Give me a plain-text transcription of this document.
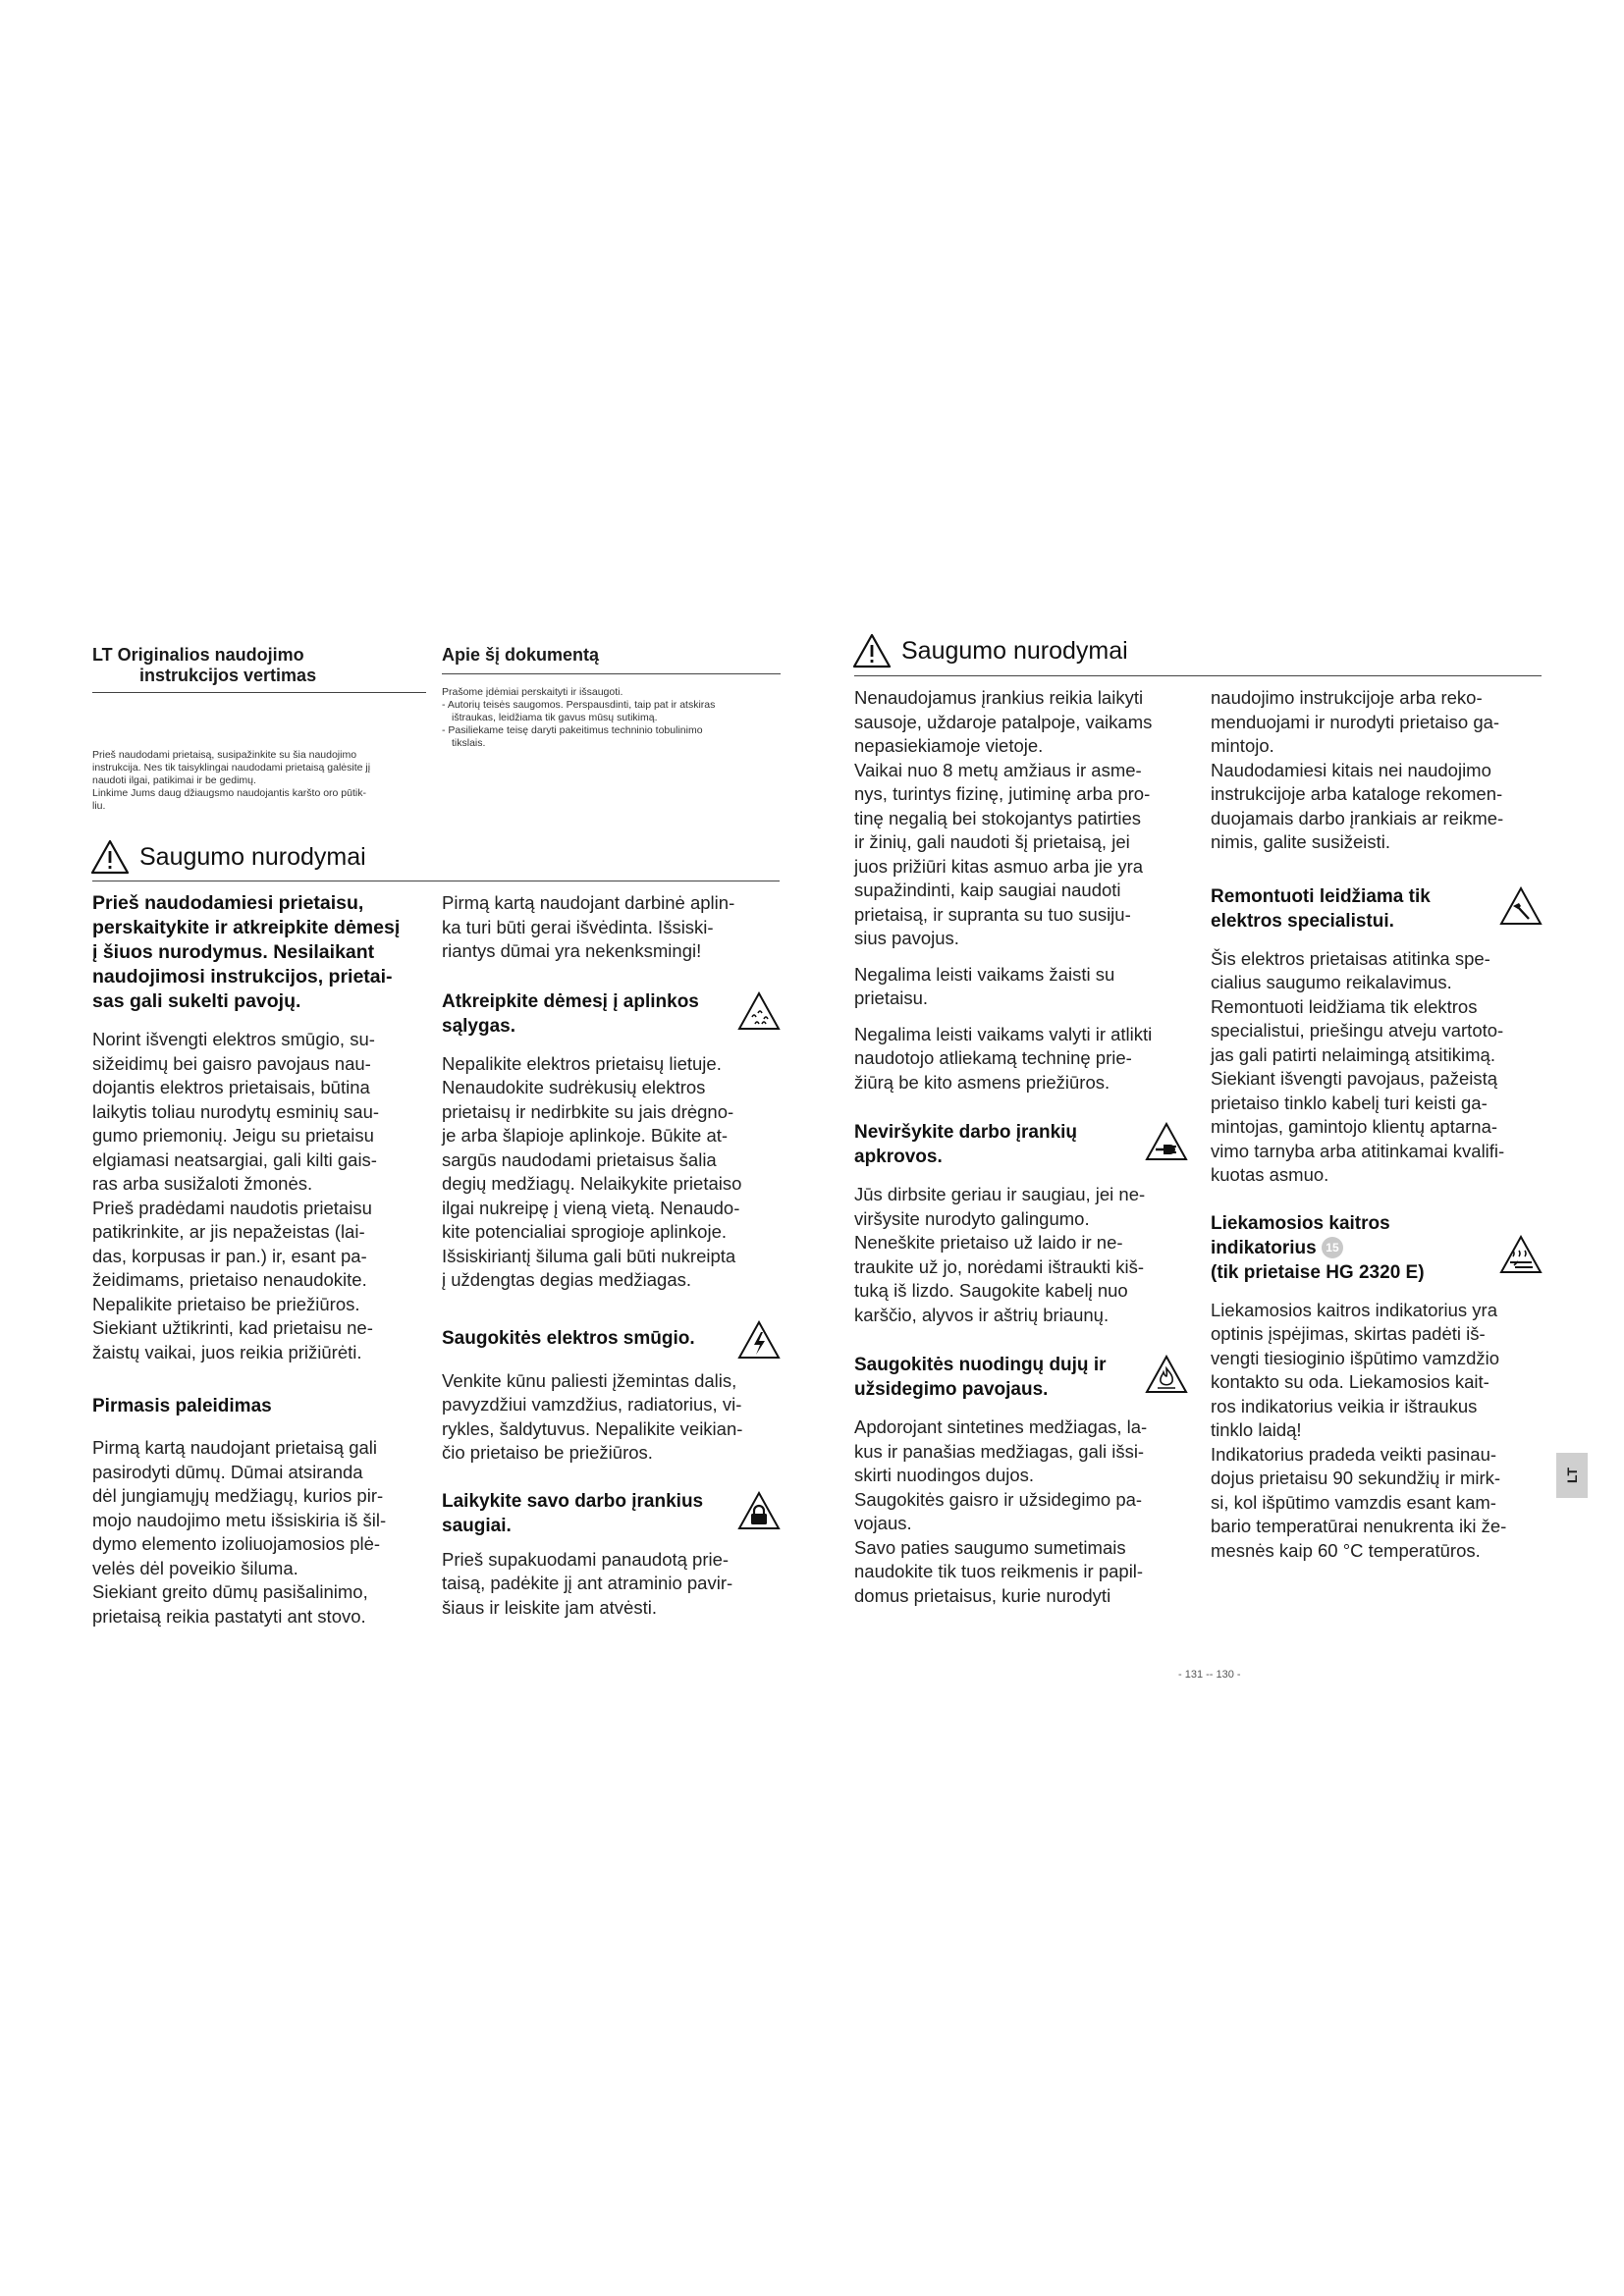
LT Originalios naudojimo
instrukcijos vertimas
Prieš naudodami prietaisą, susipažinkite su šia naudojimo
instrukcija. Nes tik taisyklingai naudodami prietaisą galėsite jį
naudoti ilgai, patikimai ir be gedimų.
Linkime Jums daug džiaugsmo naudojantis karšto oro pūtik-
liu.
Apie šį dokumentą
Prašome įdėmiai perskaityti ir išsaugoti.
- Autorių teisės saugomos. Perspausdinti, taip pat ir atskiras
ištraukas, leidžiama tik gavus mūsų sutikimą.
- Pasiliekame teisę daryti pakeitimus techninio tobulinimo
tikslais.
Saugumo nurodymai
Prieš naudodamiesi prietaisu,
perskaitykite ir atkreipkite dėmesį
į šiuos nurodymus. Nesilaikant
naudojimosi instrukcijos, prietai-
sas gali sukelti pavojų.

Norint išvengti elektros smūgio, su-

sižeidimų bei gaisro pavojaus nau-

dojantis elektros prietaisais, būtina

laikytis toliau nurodytų esminių sau-

gumo priemonių. Jeigu su prietaisu

elgiamasi neatsargiai, gali kilti gais-

ras arba susižaloti žmonės.

Prieš pradėdami naudotis prietaisu

patikrinkite, ar jis nepažeistas (lai-

das, korpusas ir pan.) ir, esant pa-

žeidimams, prietaiso nenaudokite.

Nepalikite prietaiso be priežiūros.

Siekiant užtikrinti, kad prietaisu ne-

žaistų vaikai, juos reikia prižiūrėti.

Pirmasis paleidimas

Pirmą kartą naudojant prietaisą gali

pasirodyti dūmų. Dūmai atsiranda

dėl jungiamųjų medžiagų, kurios pir-

mojo naudojimo metu išsiskiria iš šil-

dymo elemento izoliuojamosios plė-

velės dėl poveikio šiluma.

Siekiant greito dūmų pasišalinimo,

prietaisą reikia pastatyti ant stovo.

Pirmą kartą naudojant darbinė aplin-

ka turi būti gerai išvėdinta. Išsiski-

riantys dūmai yra nekenksmingi!

Atkreipkite dėmesį į aplinkos
sąlygas.

Nepalikite elektros prietaisų lietuje.

Nenaudokite sudrėkusių elektros

prietaisų ir nedirbkite su jais drėgno-

je arba šlapioje aplinkoje. Būkite at-

sargūs naudodami prietaisus šalia

degių medžiagų. Nelaikykite prietaiso

ilgai nukreipę į vieną vietą. Nenaudo-

kite potencialiai sprogioje aplinkoje.

Išsiskiriantį šiluma gali būti nukreipta

į uždengtas degias medžiagas.

Saugokitės elektros smūgio.

Venkite kūnu paliesti įžemintas dalis,

pavyzdžiui vamzdžius, radiatorius, vi-

rykles, šaldytuvus. Nepalikite veikian-

čio prietaiso be priežiūros.

Laikykite savo darbo įrankius
saugiai.

Prieš supakuodami panaudotą prie-

taisą, padėkite jį ant atraminio pavir-

šiaus ir leiskite jam atvėsti.

Saugumo nurodymai

Nenaudojamus įrankius reikia laikyti

sausoje, uždaroje patalpoje, vaikams

nepasiekiamoje vietoje.

Vaikai nuo 8 metų amžiaus ir asme-

nys, turintys fizinę, jutiminę arba pro-

tinę negalią bei stokojantys patirties

ir žinių, gali naudoti šį prietaisą, jei

juos prižiūri kitas asmuo arba jie yra

supažindinti, kaip saugiai naudoti

prietaisą, ir supranta su tuo susiju-

sius pavojus.

Negalima leisti vaikams žaisti su

prietaisu.

Negalima leisti vaikams valyti ir atlikti

naudotojo atliekamą techninę prie-

žiūrą be kito asmens priežiūros.

Neviršykite darbo įrankių
apkrovos.

Jūs dirbsite geriau ir saugiau, jei ne-

viršysite nurodyto galingumo.

Neneškite prietaiso už laido ir ne-

traukite už jo, norėdami ištraukti kiš-

tuką iš lizdo. Saugokite kabelį nuo

karščio, alyvos ir aštrių briaunų.

Saugokitės nuodingų dujų ir
užsidegimo pavojaus.

Apdorojant sintetines medžiagas, la-

kus ir panašias medžiagas, gali išsi-

skirti nuodingos dujos.

Saugokitės gaisro ir užsidegimo pa-

vojaus.

Savo paties saugumo sumetimais

naudokite tik tuos reikmenis ir papil-

domus prietaisus, kurie nurodyti

naudojimo instrukcijoje arba reko-

menduojami ir nurodyti prietaiso ga-

mintojo.

Naudodamiesi kitais nei naudojimo

instrukcijoje arba kataloge rekomen-

duojamais darbo įrankiais ar reikme-

nimis, galite susižeisti.

Remontuoti leidžiama tik
elektros specialistui.

Šis elektros prietaisas atitinka spe-

cialius saugumo reikalavimus.

Remontuoti leidžiama tik elektros

specialistui, priešingu atveju vartoto-

jas gali patirti nelaimingą atsitikimą.

Siekiant išvengti pavojaus, pažeistą

prietaiso tinklo kabelį turi keisti ga-

mintojas, gamintojo klientų aptarna-

vimo tarnyba arba atitinkamai kvalifi-

kuotas asmuo.

Liekamosios kaitros
indikatorius 15
(tik prietaise HG 2320 E)

Liekamosios kaitros indikatorius yra

optinis įspėjimas, skirtas padėti iš-

vengti tiesioginio išpūtimo vamzdžio

kontakto su oda. Liekamosios kait-

ros indikatorius veikia ir ištraukus

tinklo laidą!

Indikatorius pradeda veikti pasinau-

dojus prietaisu 90 sekundžių ir mirk-

si, kol išpūtimo vamzdis esant kam-

bario temperatūrai nenukrenta iki že-

mesnės kaip 60 °C temperatūros.

LT
- 131 -- 130 -
